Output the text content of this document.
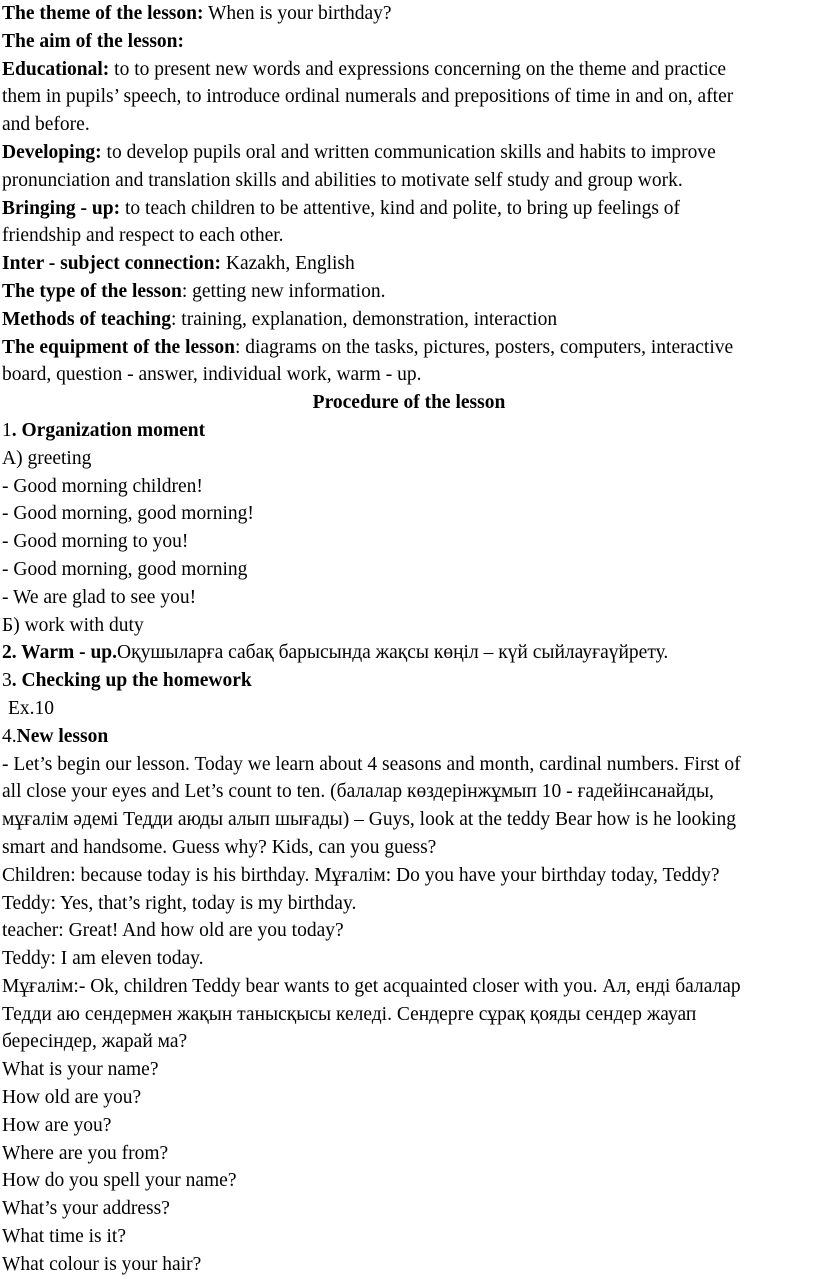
The theme of the lesson: When is your birthday?
The aim of the lesson:
Educational: to to present new words and expressions concerning on the theme and practice
them in pupils’ speech, to introduce ordinal numerals and prepositions of time in and on, after
and before.
Developing: to develop pupils oral and written communication skills and habits to improve
pronunciation and translation skills and abilities to motivate self study and group work.
Bringing - up: to teach children to be attentive, kind and polite, to bring up feelings of
friendship and respect to each other.
Inter - subject connection: Kazakh, English
The type of the lesson: getting new information.
Methods of teaching: training, explanation, demonstration, interaction
The equipment of the lesson: diagrams on the tasks, pictures, posters, computers, interactive
board, question - answer, individual work, warm - up.
Procedure of the lesson
1. Organization moment
А) greeting
- Good morning children!
- Good morning, good morning!
- Good morning to you!
- Good morning, good morning
- We are glad to see you!
Б) work with duty
2. Warm - up.Оқушыларға сабақ барысында жақсы көңіл – күй сыйлауғаүйрету.
3. Checking up the homework
Ex.10
4.New lesson
- Let’s begin our lesson. Today we learn about 4 seasons and month, cardinal numbers. First of
all close your eyes and Let’s count to ten. (балалар көздерінжұмып 10 - ғадейінсанайды,
мұғалім әдемі Тедди аюды алып шығады) – Guys, look at the teddy Bear how is he looking
smart and handsome. Guess why? Kids, can you guess?
Children: because today is his birthday. Мұғалім: Do you have your birthday today, Teddy?
Teddy: Yes, that’s right, today is my birthday.
teacher: Great! And how old are you today?
Teddy: I am eleven today.
Мұғалім:- Ok, children Teddy bear wants to get acquainted closer with you. Ал, енді балалар
Тедди аю сендермен жақын танысқысы келеді. Сендерге сұрақ қояды сендер жауап
бересіндер, жарай ма?
What is your name?
How old are you?
How are you?
Where are you from?
How do you spell your name?
What’s your address?
What time is it?
What colour is your hair?
